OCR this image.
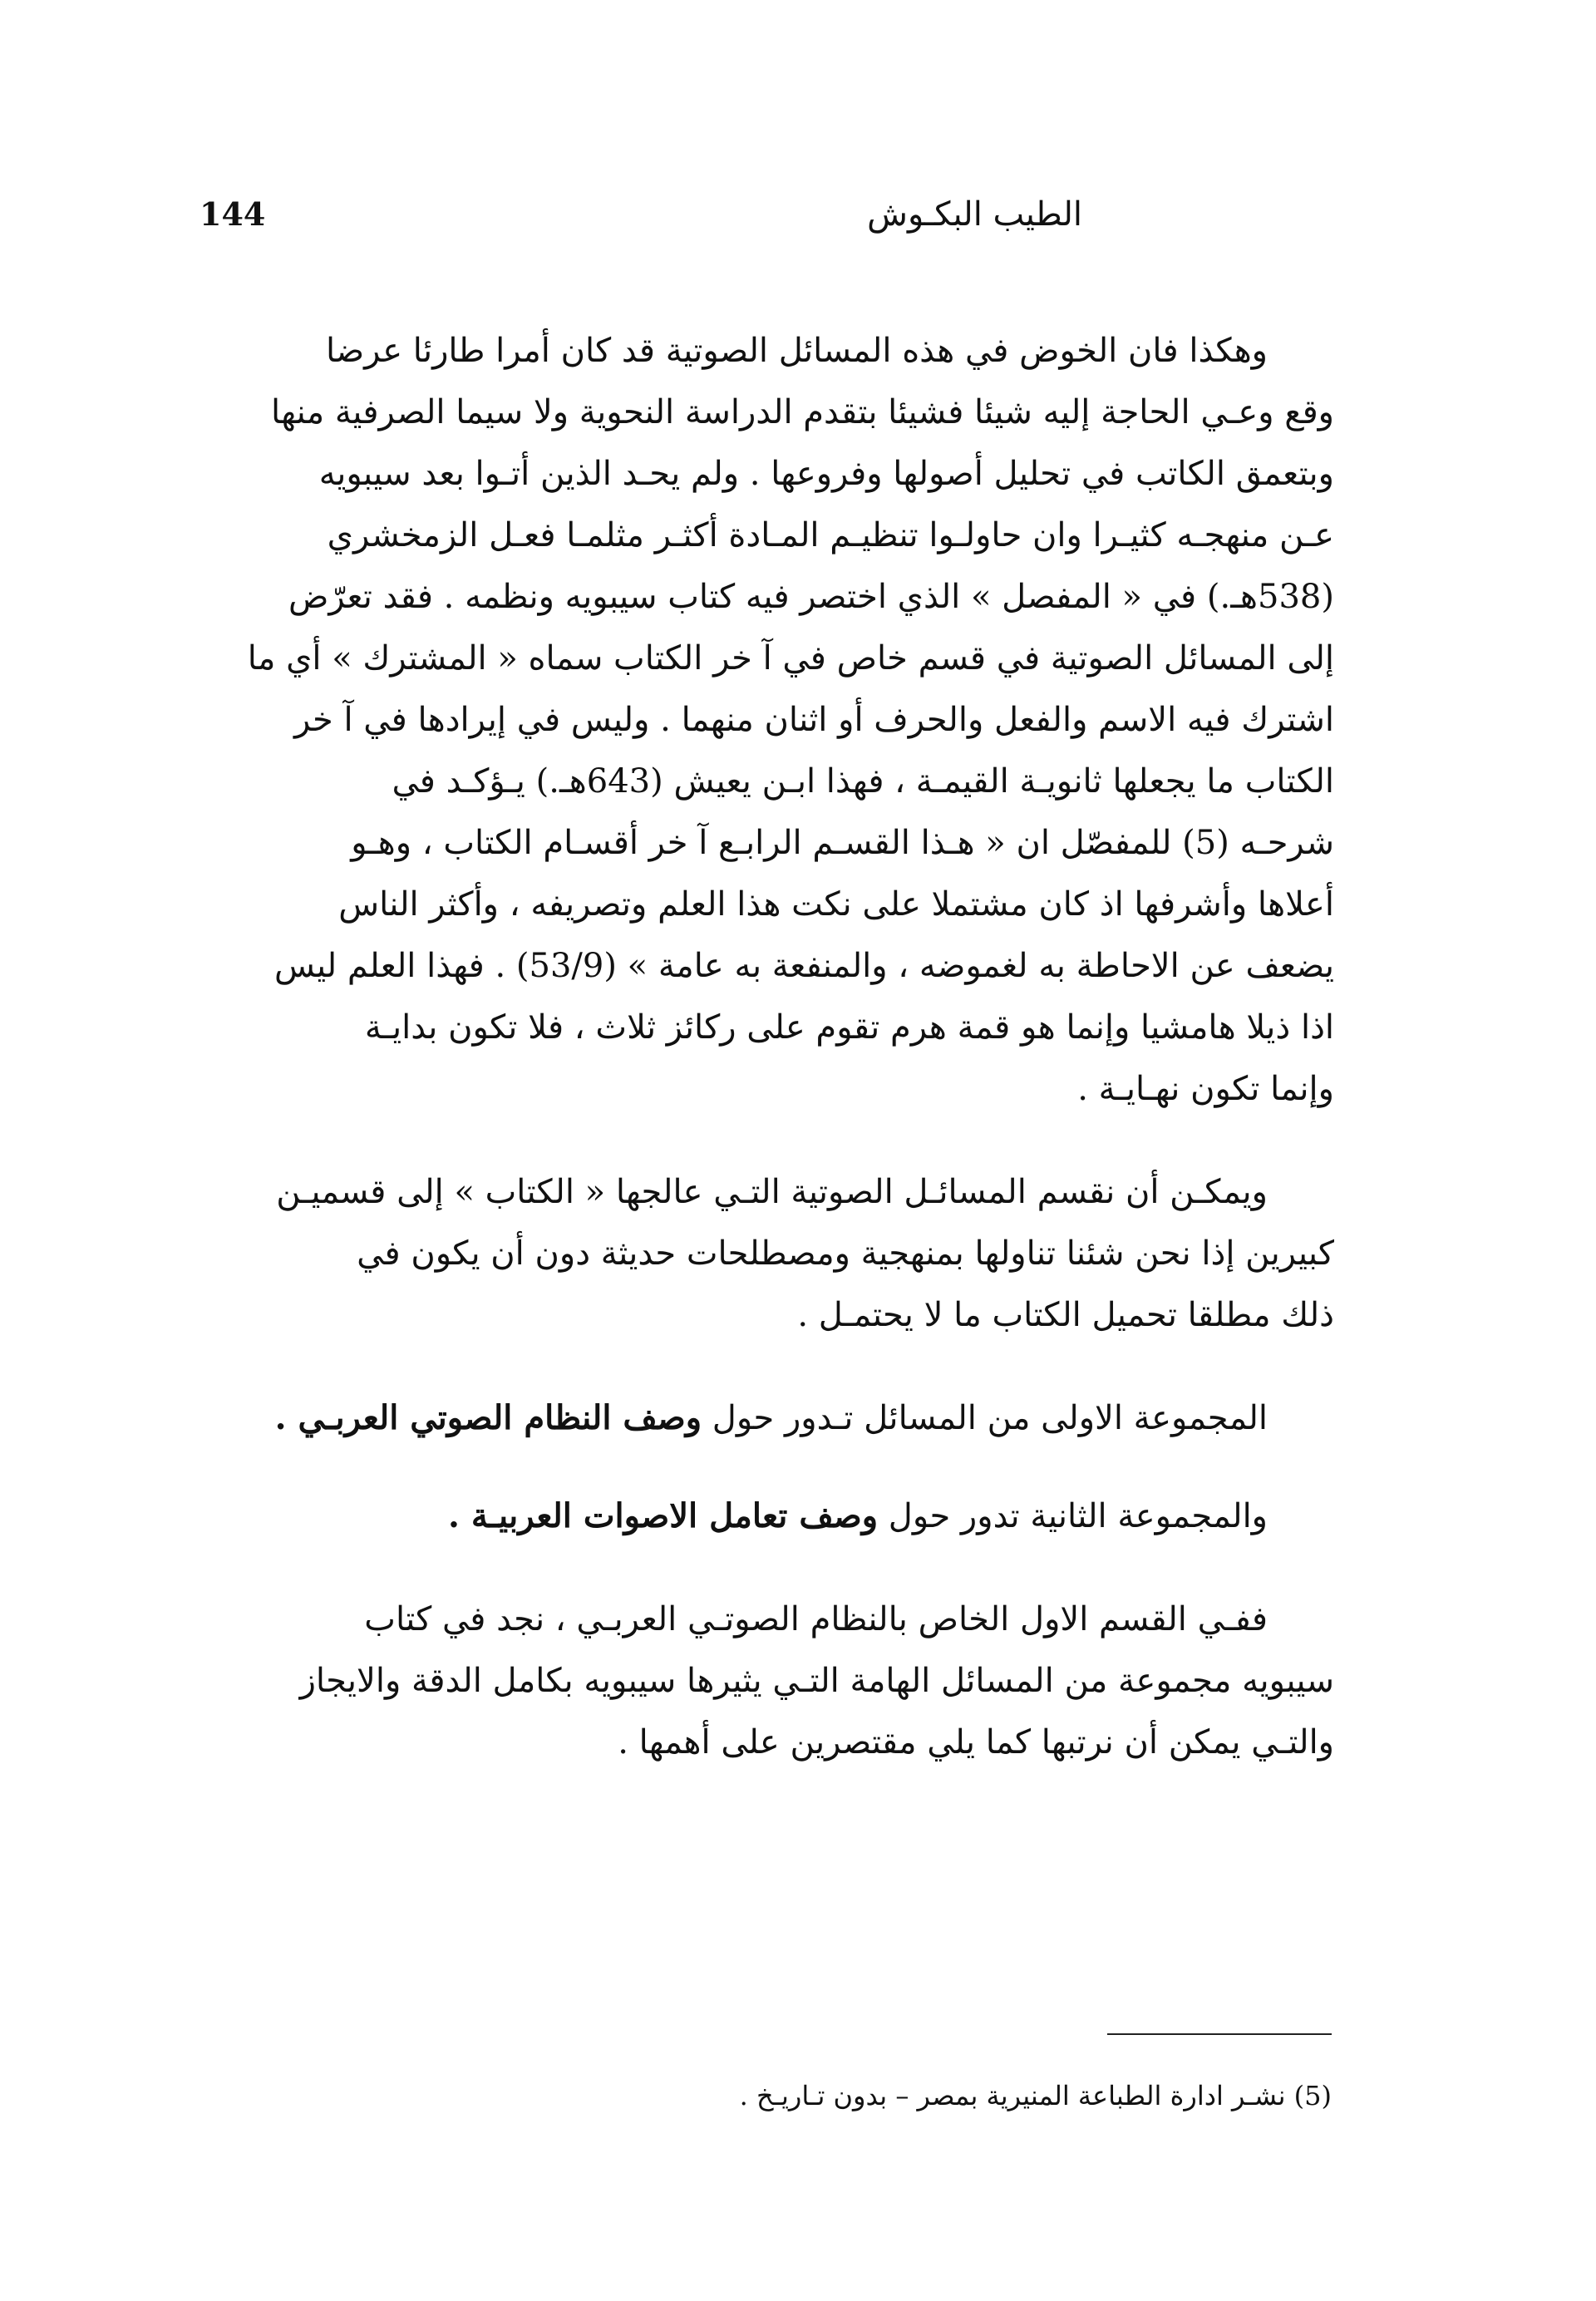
144	الطيب البكـوش
وهكذا فان الخوض في هذه المسائل الصوتية قد كان أمرا طارئا عرضا
وقع وعـي الحاجة إليه شيئا فشيئا بتقدم الدراسة النحوية ولا سيما الصرفية منها
وبتعمق الكاتب في تحليل أصولها وفروعها . ولم يحـد الذين أتـوا بعد سيبويه
عـن منهجـه كثيـرا وان حاولـوا تنظيـم المـادة أكثـر مثلمـا فعـل الزمخشري
(538هـ.) في « المفصل » الذي اختصر فيه كتاب سيبويه ونظمه . فقد تعرّض
إلى المسائل الصوتية في قسم خاص في آ خر الكتاب سماه « المشترك » أي ما
اشترك فيه الاسم والفعل والحرف أو اثنان منهما . وليس في إيرادها في آ خر
الكتاب ما يجعلها ثانويـة القيمـة ، فهذا ابـن يعيش (643هـ.) يـؤكـد في
شرحـه (5) للمفصّل ان « هـذا القسـم الرابـع آ خر أقسـام الكتاب ، وهـو
أعلاها وأشرفها اذ كان مشتملا على نكت هذا العلم وتصريفه ، وأكثر الناس
يضعف عن الاحاطة به لغموضه ، والمنفعة به عامة » (53/9) . فهذا العلم ليس
اذا ذيلا هامشيا وإنما هو قمة هرم تقوم على ركائز ثلاث ، فلا تكون بدايـة
وإنما تكون نهـايـة .
ويمكـن أن نقسم المسائـل الصوتية التـي عالجها « الكتاب » إلى قسميـن
كبيرين إذا نحن شئنا تناولها بمنهجية ومصطلحات حديثة دون أن يكون في
ذلك مطلقا تحميل الكتاب ما لا يحتمـل .
المجموعة الاولى من المسائل تـدور حول وصف النظام الصوتي العربـي .
والمجموعة الثانية تدور حول وصف تعامل الاصوات العربيـة .
ففـي القسم الاول الخاص بالنظام الصوتـي العربـي ، نجد في كتاب
سيبويه مجموعة من المسائل الهامة التـي يثيرها سيبويه بكامل الدقة والايجاز
والتـي يمكن أن نرتبها كما يلي مقتصرين على أهمها .
(5) نشـر ادارة الطباعة المنيرية بمصر – بدون تـاريـخ .
